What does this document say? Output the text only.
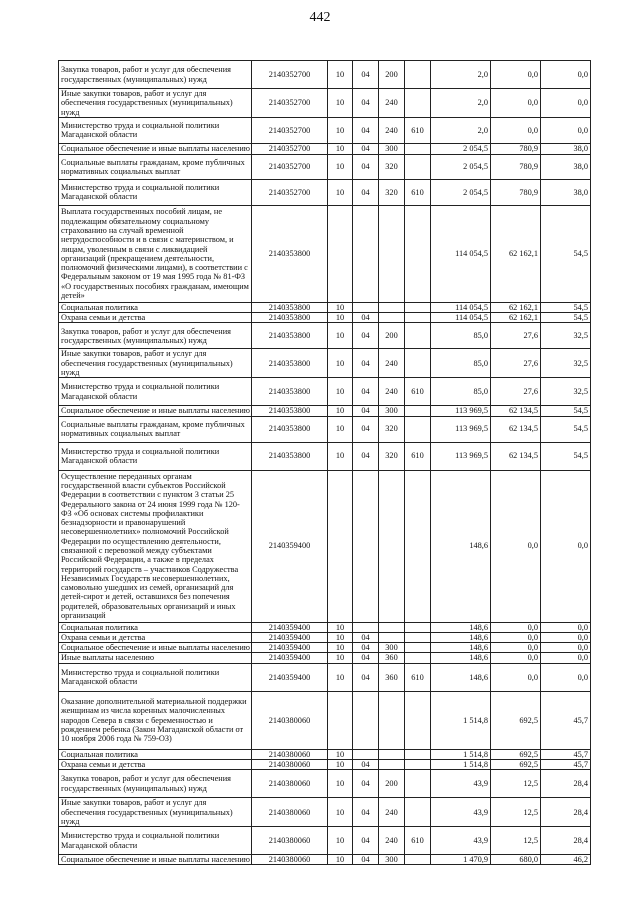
442
Закупка товаров, работ и услуг для обеспечения государственных (муниципальных) нужд	2140352700	10	04	200		2,0	0,0	0,0
Иные закупки товаров, работ и услуг для обеспечения государственных (муниципальных) нужд	2140352700	10	04	240		2,0	0,0	0,0
Министерство труда и социальной политики Магаданской области	2140352700	10	04	240	610	2,0	0,0	0,0
Социальное обеспечение и иные выплаты населению	2140352700	10	04	300		2 054,5	780,9	38,0
Социальные выплаты гражданам, кроме публичных нормативных социальных выплат	2140352700	10	04	320		2 054,5	780,9	38,0
Министерство труда и социальной политики Магаданской области	2140352700	10	04	320	610	2 054,5	780,9	38,0
Выплата государственных пособий лицам, не подлежащим обязательному социальному страхованию на случай временной нетрудоспособности и в связи с материнством, и лицам, уволенным в связи с ликвидацией организаций (прекращением деятельности, полномочий физическими лицами), в соответствии с Федеральным законом от 19 мая 1995 года № 81-ФЗ «О государственных пособиях гражданам, имеющим детей»	2140353800					114 054,5	62 162,1	54,5
Социальная политика	2140353800	10				114 054,5	62 162,1	54,5
Охрана семьи и детства	2140353800	10	04			114 054,5	62 162,1	54,5
Закупка товаров, работ и услуг для обеспечения государственных (муниципальных) нужд	2140353800	10	04	200		85,0	27,6	32,5
Иные закупки товаров, работ и услуг для обеспечения государственных (муниципальных) нужд	2140353800	10	04	240		85,0	27,6	32,5
Министерство труда и социальной политики Магаданской области	2140353800	10	04	240	610	85,0	27,6	32,5
Социальное обеспечение и иные выплаты населению	2140353800	10	04	300		113 969,5	62 134,5	54,5
Социальные выплаты гражданам, кроме публичных нормативных социальных выплат	2140353800	10	04	320		113 969,5	62 134,5	54,5
Министерство труда и социальной политики Магаданской области	2140353800	10	04	320	610	113 969,5	62 134,5	54,5
Осуществление переданных органам государственной власти субъектов Российской Федерации в соответствии с пунктом 3 статьи 25 Федерального закона от 24 июня 1999 года № 120-ФЗ «Об основах системы профилактики безнадзорности и правонарушений несовершеннолетних» полномочий Российской Федерации по осуществлению деятельности, связанной с перевозкой между субъектами Российской Федерации, а также в пределах территорий государств – участников Содружества Независимых Государств несовершеннолетних, самовольно ушедших из семей, организаций для детей-сирот и детей, оставшихся без попечения родителей, образовательных организаций и иных организаций	2140359400					148,6	0,0	0,0
Социальная политика	2140359400	10				148,6	0,0	0,0
Охрана семьи и детства	2140359400	10	04			148,6	0,0	0,0
Социальное обеспечение и иные выплаты населению	2140359400	10	04	300		148,6	0,0	0,0
Иные выплаты населению	2140359400	10	04	360		148,6	0,0	0,0
Министерство труда и социальной политики Магаданской области	2140359400	10	04	360	610	148,6	0,0	0,0
Оказание дополнительной материальной поддержки женщинам из числа коренных малочисленных народов Севера в связи с беременностью и рождением ребенка (Закон Магаданской области от 10 ноября 2006 года № 759-ОЗ)	2140380060					1 514,8	692,5	45,7
Социальная политика	2140380060	10				1 514,8	692,5	45,7
Охрана семьи и детства	2140380060	10	04			1 514,8	692,5	45,7
Закупка товаров, работ и услуг для обеспечения государственных (муниципальных) нужд	2140380060	10	04	200		43,9	12,5	28,4
Иные закупки товаров, работ и услуг для обеспечения государственных (муниципальных) нужд	2140380060	10	04	240		43,9	12,5	28,4
Министерство труда и социальной политики Магаданской области	2140380060	10	04	240	610	43,9	12,5	28,4
Социальное обеспечение и иные выплаты населению	2140380060	10	04	300		1 470,9	680,0	46,2
